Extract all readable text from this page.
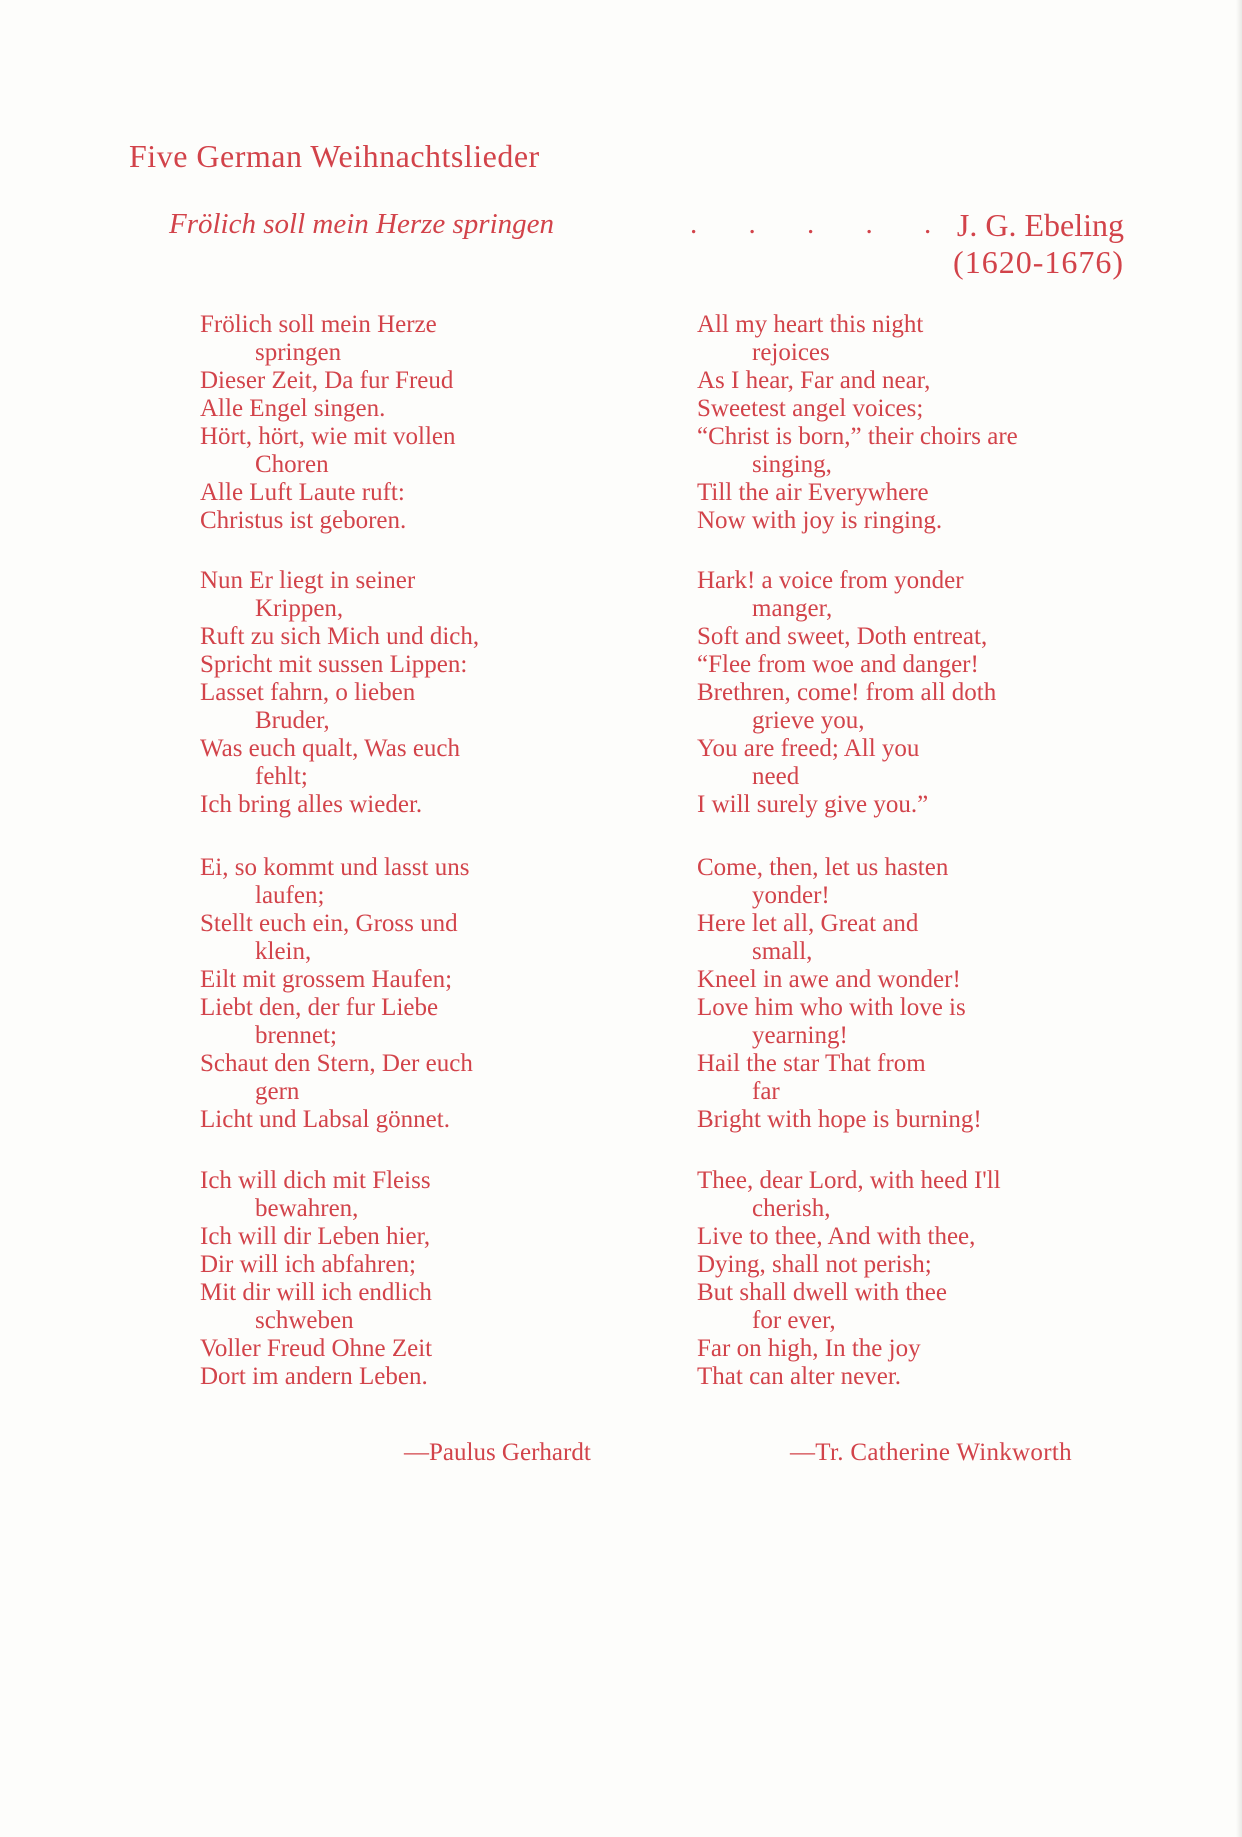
Five German Weihnachtslieder
Frölich soll mein Herze springen	. . . . . J. G. Ebeling
(1620-1676)
Frölich soll mein Herze
springen
Dieser Zeit, Da fur Freud
Alle Engel singen.
Hört, hört, wie mit vollen
Choren
Alle Luft Laute ruft:
Christus ist geboren.
Nun Er liegt in seiner
Krippen,
Ruft zu sich Mich und dich,
Spricht mit sussen Lippen:
Lasset fahrn, o lieben
Bruder,
Was euch qualt, Was euch
fehlt;
Ich bring alles wieder.
Ei, so kommt und lasst uns
laufen;
Stellt euch ein, Gross und
klein,
Eilt mit grossem Haufen;
Liebt den, der fur Liebe
brennet;
Schaut den Stern, Der euch
gern
Licht und Labsal gönnet.
Ich will dich mit Fleiss
bewahren,
Ich will dir Leben hier,
Dir will ich abfahren;
Mit dir will ich endlich
schweben
Voller Freud Ohne Zeit
Dort im andern Leben.
All my heart this night
rejoices
As I hear, Far and near,
Sweetest angel voices;
“Christ is born,” their choirs are
singing,
Till the air Everywhere
Now with joy is ringing.
Hark! a voice from yonder
manger,
Soft and sweet, Doth entreat,
“Flee from woe and danger!
Brethren, come! from all doth
grieve you,
You are freed; All you
need
I will surely give you.”
Come, then, let us hasten
yonder!
Here let all, Great and
small,
Kneel in awe and wonder!
Love him who with love is
yearning!
Hail the star That from
far
Bright with hope is burning!
Thee, dear Lord, with heed I'll
cherish,
Live to thee, And with thee,
Dying, shall not perish;
But shall dwell with thee
for ever,
Far on high, In the joy
That can alter never.
—Paulus Gerhardt	—Tr. Catherine Winkworth
